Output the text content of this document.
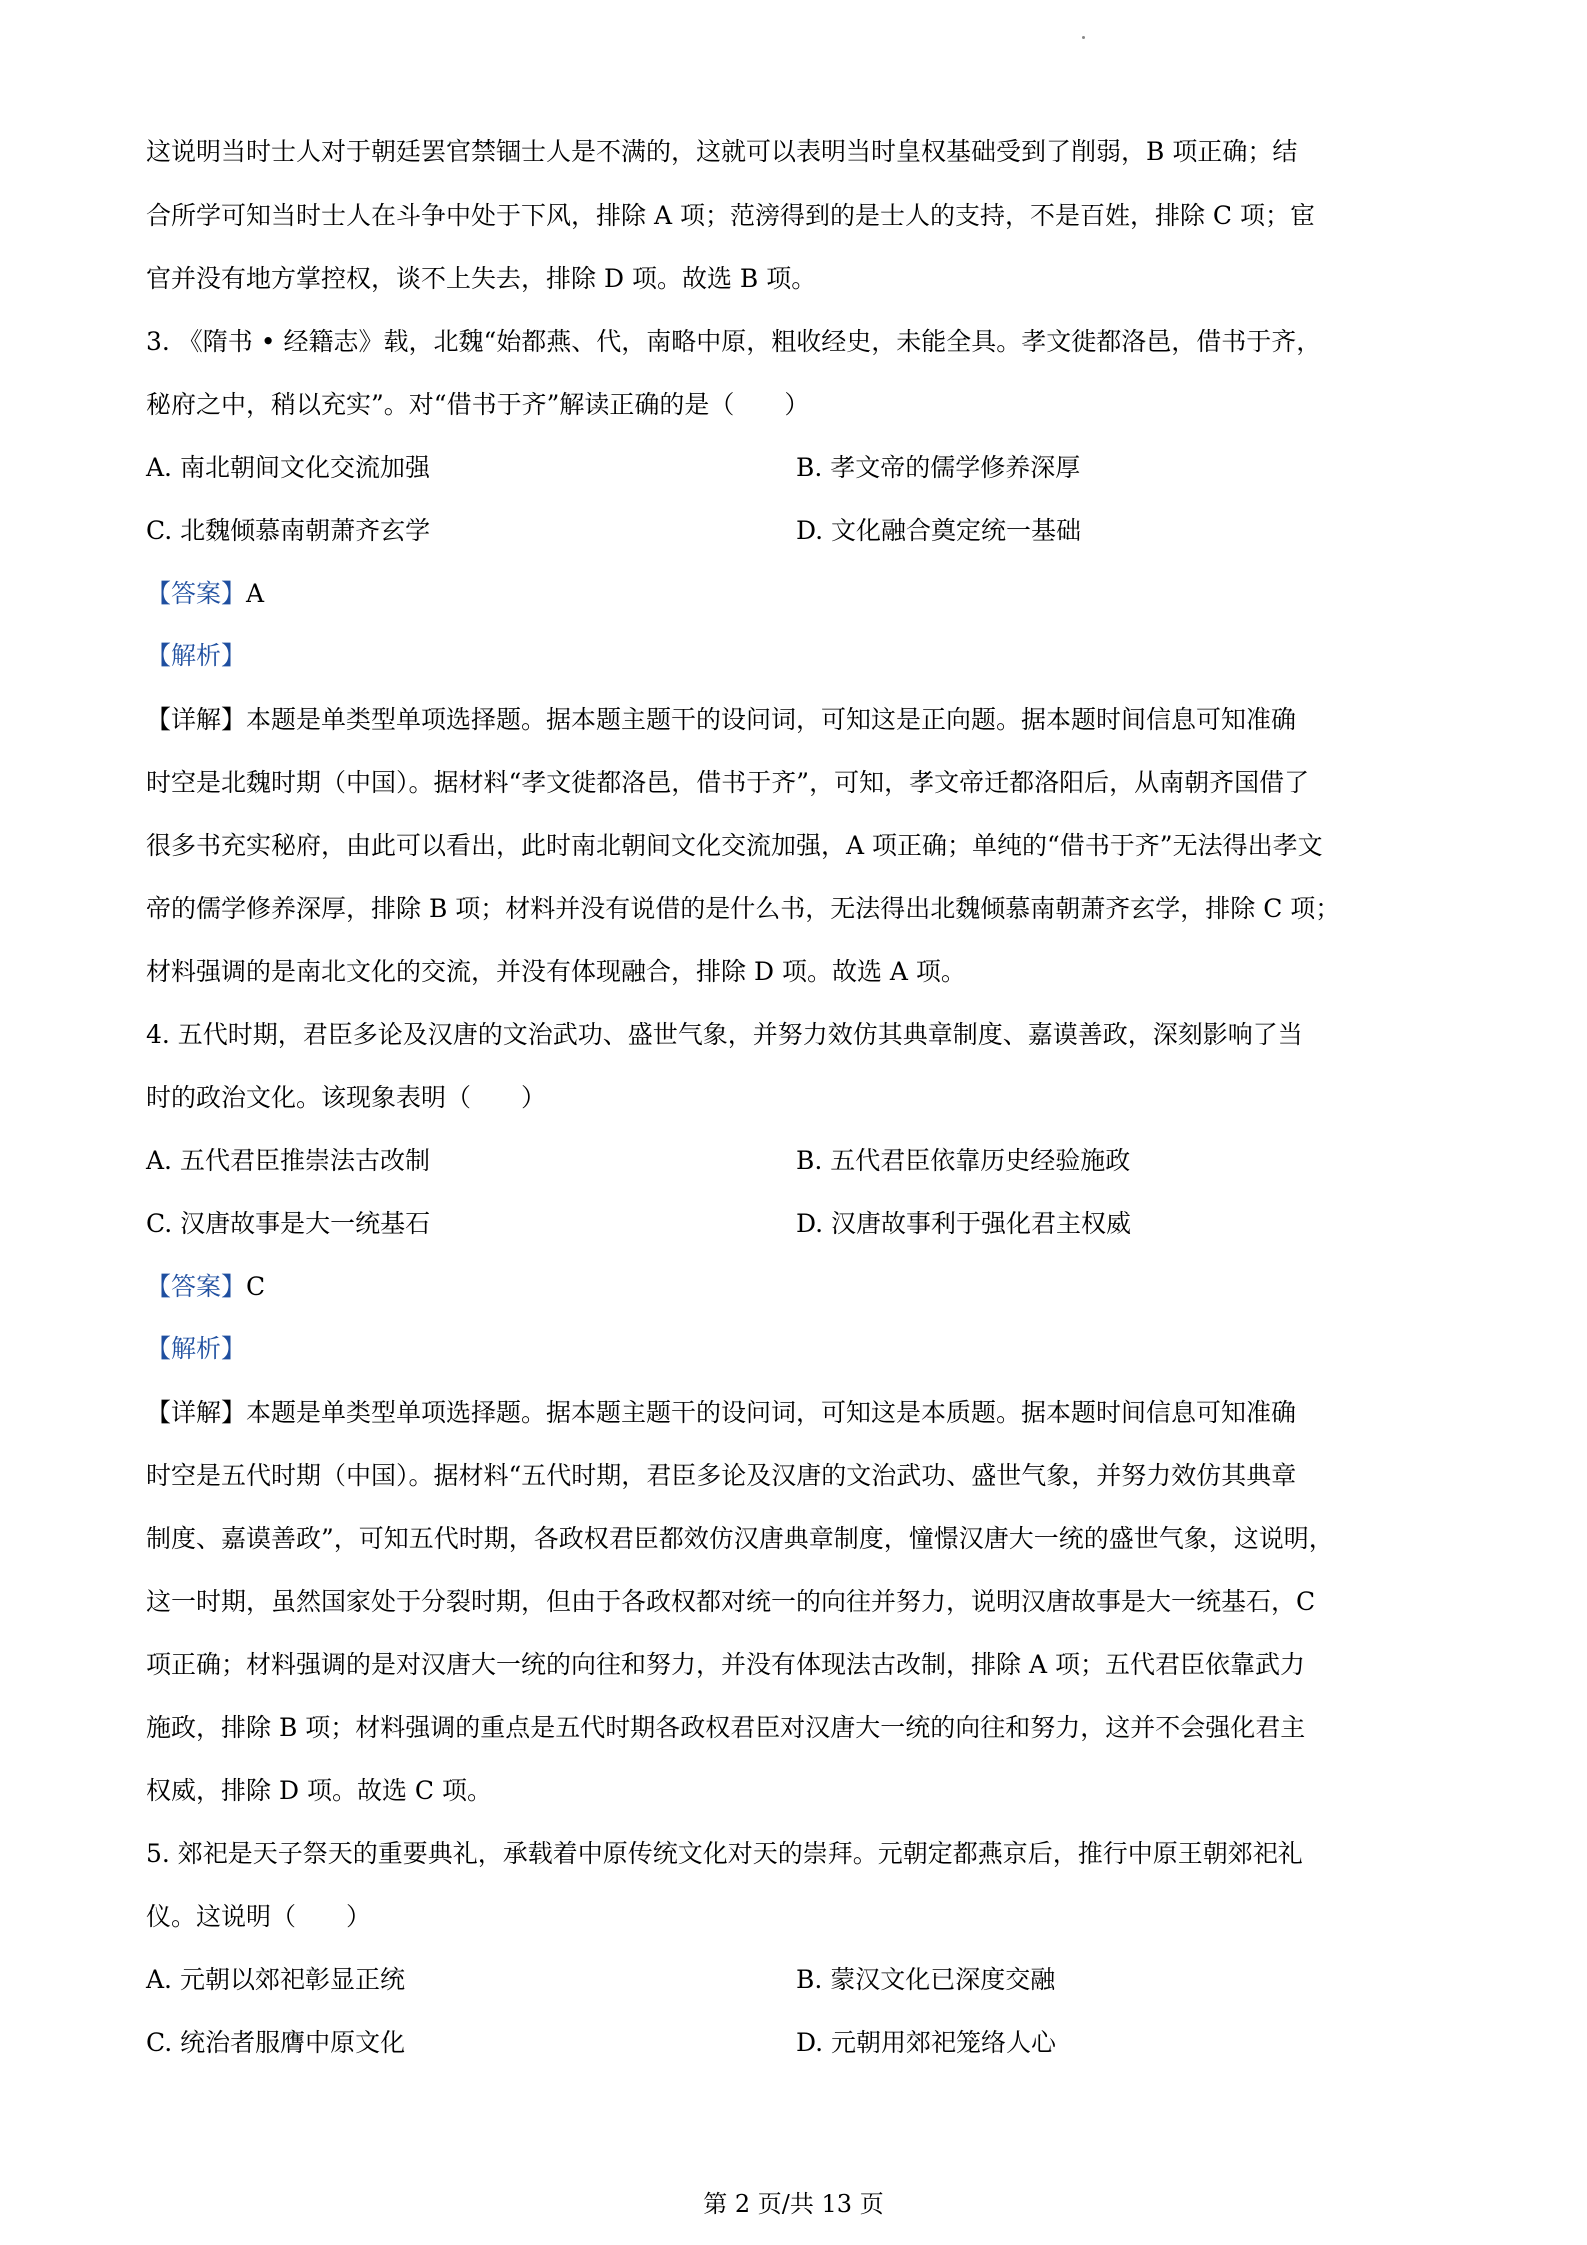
这说明当时士人对于朝廷罢官禁锢士人是不满的，这就可以表明当时皇权基础受到了削弱，B 项正确；结
合所学可知当时士人在斗争中处于下风，排除 A 项；范滂得到的是士人的支持，不是百姓，排除 C 项；宦
官并没有地方掌控权，谈不上失去，排除 D 项。故选 B 项。
3. 《隋书 • 经籍志》载，北魏“始都燕、代，南略中原，粗收经史，未能全具。孝文徙都洛邑，借书于齐，
秘府之中，稍以充实”。对“借书于齐”解读正确的是（　　）
A. 南北朝间文化交流加强	B. 孝文帝的儒学修养深厚
C. 北魏倾慕南朝萧齐玄学	D. 文化融合奠定统一基础
【答案】A
【解析】
【详解】本题是单类型单项选择题。据本题主题干的设问词，可知这是正向题。据本题时间信息可知准确
时空是北魏时期（中国）。据材料“孝文徙都洛邑，借书于齐”，可知，孝文帝迁都洛阳后，从南朝齐国借了
很多书充实秘府，由此可以看出，此时南北朝间文化交流加强，A 项正确；单纯的“借书于齐”无法得出孝文
帝的儒学修养深厚，排除 B 项；材料并没有说借的是什么书，无法得出北魏倾慕南朝萧齐玄学，排除 C 项；
材料强调的是南北文化的交流，并没有体现融合，排除 D 项。故选 A 项。
4. 五代时期，君臣多论及汉唐的文治武功、盛世气象，并努力效仿其典章制度、嘉谟善政，深刻影响了当
时的政治文化。该现象表明（　　）
A. 五代君臣推崇法古改制	B. 五代君臣依靠历史经验施政
C. 汉唐故事是大一统基石	D. 汉唐故事利于强化君主权威
【答案】C
【解析】
【详解】本题是单类型单项选择题。据本题主题干的设问词，可知这是本质题。据本题时间信息可知准确
时空是五代时期（中国）。据材料“五代时期，君臣多论及汉唐的文治武功、盛世气象，并努力效仿其典章
制度、嘉谟善政”，可知五代时期，各政权君臣都效仿汉唐典章制度，憧憬汉唐大一统的盛世气象，这说明，
这一时期，虽然国家处于分裂时期，但由于各政权都对统一的向往并努力，说明汉唐故事是大一统基石，C
项正确；材料强调的是对汉唐大一统的向往和努力，并没有体现法古改制，排除 A 项；五代君臣依靠武力
施政，排除 B 项；材料强调的重点是五代时期各政权君臣对汉唐大一统的向往和努力，这并不会强化君主
权威，排除 D 项。故选 C 项。
5. 郊祀是天子祭天的重要典礼，承载着中原传统文化对天的崇拜。元朝定都燕京后，推行中原王朝郊祀礼
仪。这说明（　　）
A. 元朝以郊祀彰显正统	B. 蒙汉文化已深度交融
C. 统治者服膺中原文化	D. 元朝用郊祀笼络人心
第 2 页/共 13 页
